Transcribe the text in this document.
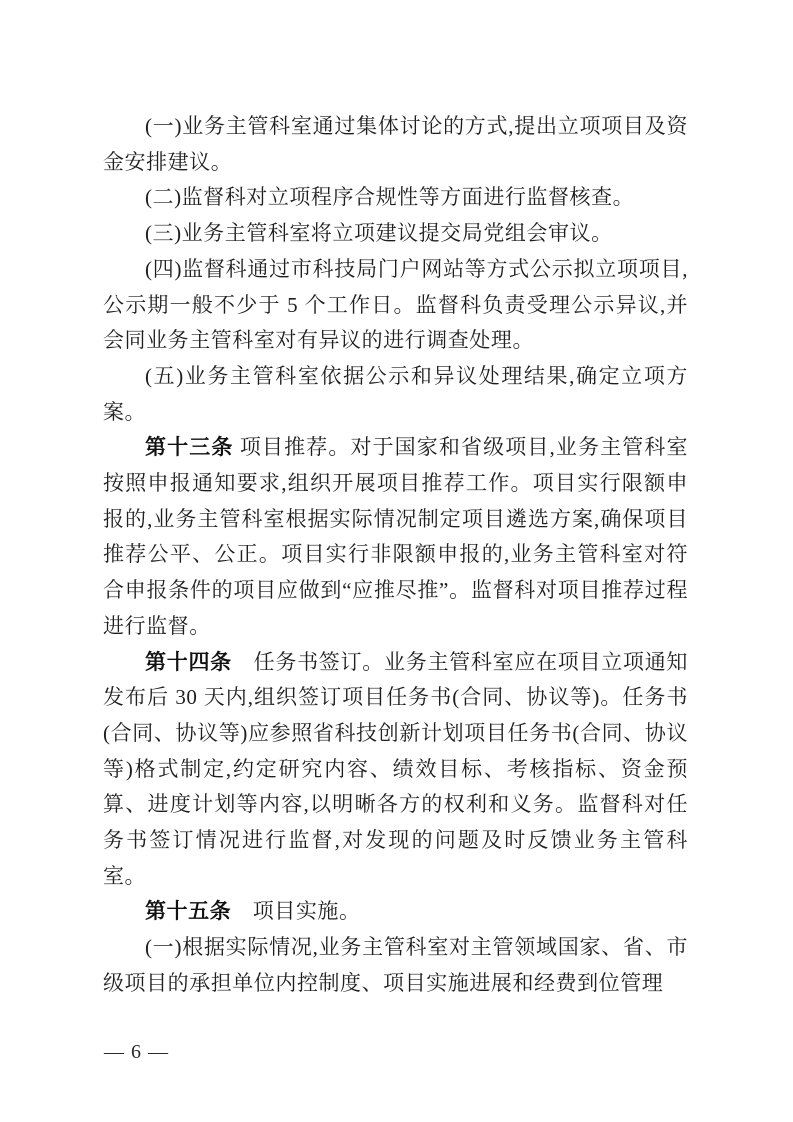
(一)业务主管科室通过集体讨论的方式,提出立项项目及资金安排建议。

(二)监督科对立项程序合规性等方面进行监督核查。

(三)业务主管科室将立项建议提交局党组会审议。

(四)监督科通过市科技局门户网站等方式公示拟立项项目,公示期一般不少于 5 个工作日。监督科负责受理公示异议,并会同业务主管科室对有异议的进行调查处理。

(五)业务主管科室依据公示和异议处理结果,确定立项方案。

第十三条 项目推荐。对于国家和省级项目,业务主管科室按照申报通知要求,组织开展项目推荐工作。项目实行限额申报的,业务主管科室根据实际情况制定项目遴选方案,确保项目推荐公平、公正。项目实行非限额申报的,业务主管科室对符合申报条件的项目应做到“应推尽推”。监督科对项目推荐过程进行监督。

第十四条　任务书签订。业务主管科室应在项目立项通知发布后 30 天内,组织签订项目任务书(合同、协议等)。任务书(合同、协议等)应参照省科技创新计划项目任务书(合同、协议等)格式制定,约定研究内容、绩效目标、考核指标、资金预算、进度计划等内容,以明晰各方的权利和义务。监督科对任务书签订情况进行监督,对发现的问题及时反馈业务主管科室。

第十五条　项目实施。

(一)根据实际情况,业务主管科室对主管领域国家、省、市级项目的承担单位内控制度、项目实施进展和经费到位管理

— 6 —
